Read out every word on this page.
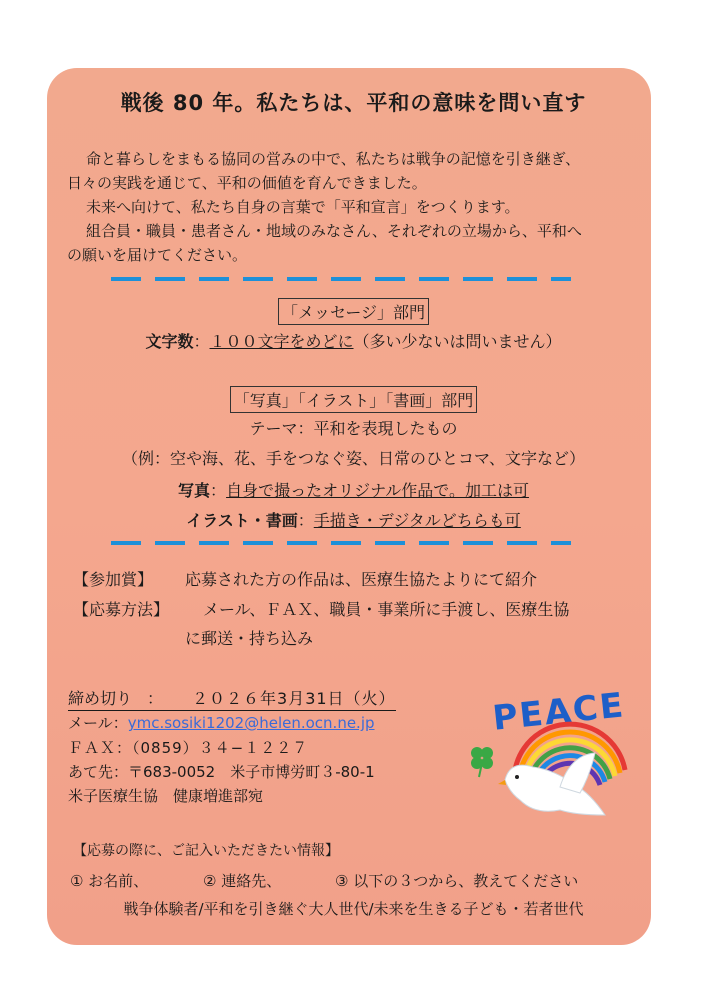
戦後 80 年。私たちは、平和の意味を問い直す
命と暮らしをまもる協同の営みの中で、私たちは戦争の記憶を引き継ぎ、
日々の実践を通じて、平和の価値を育んできました。
未来へ向けて、私たち自身の言葉で「平和宣言」をつくります。
組合員・職員・患者さん・地域のみなさん、それぞれの立場から、平和へ
の願いを届けてください。
「メッセージ」部門
文字数：１００文字をめどに（多い少ないは問いません）
「写真」「イラスト」「書画」部門
テーマ：平和を表現したもの
（例：空や海、花、手をつなぐ姿、日常のひとコマ、文字など）
写真：自身で撮ったオリジナル作品で。加工は可
イラスト・書画：手描き・デジタルどちらも可
【参加賞】 応募された方の作品は、医療生協たよりにて紹介
【応募方法】 メール、ＦＡＸ、職員・事業所に手渡し、医療生協
に郵送・持ち込み
締め切り ： ２０２６年3月31日（火）
メール：ymc.sosiki1202@helen.ocn.ne.jp
ＦＡＸ：（0859）３４−１２２７
あて先：〒683-0052　米子市博労町３-80-1
米子医療生協　健康増進部宛
【応募の際に、ご記入いただきたい情報】
① お名前、	② 連絡先、	③ 以下の３つから、教えてください
戦争体験者/平和を引き継ぐ大人世代/未来を生きる子ども・若者世代
PEACE
